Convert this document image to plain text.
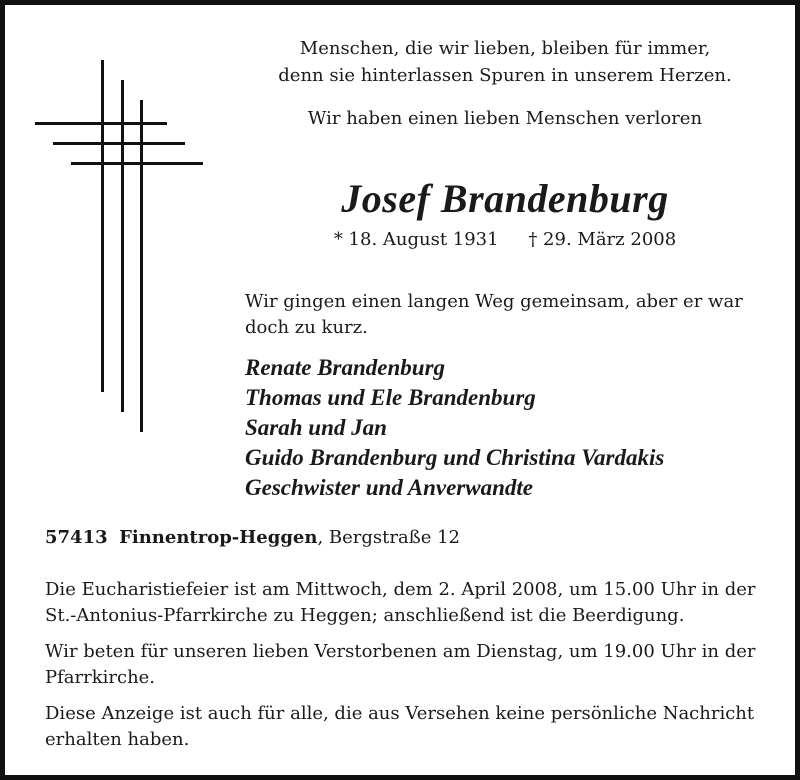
Menschen, die wir lieben, bleiben für immer,
denn sie hinterlassen Spuren in unserem Herzen.
Wir haben einen lieben Menschen verloren
Josef Brandenburg
* 18. August 1931 † 29. März 2008
Wir gingen einen langen Weg gemeinsam, aber er war
doch zu kurz.
Renate Brandenburg
Thomas und Ele Brandenburg
Sarah und Jan
Guido Brandenburg und Christina Vardakis
Geschwister und Anverwandte
57413 Finnentrop-Heggen, Bergstraße 12
Die Eucharistiefeier ist am Mittwoch, dem 2. April 2008, um 15.00 Uhr in der
St.-Antonius-Pfarrkirche zu Heggen; anschließend ist die Beerdigung.
Wir beten für unseren lieben Verstorbenen am Dienstag, um 19.00 Uhr in der
Pfarrkirche.
Diese Anzeige ist auch für alle, die aus Versehen keine persönliche Nachricht
erhalten haben.
